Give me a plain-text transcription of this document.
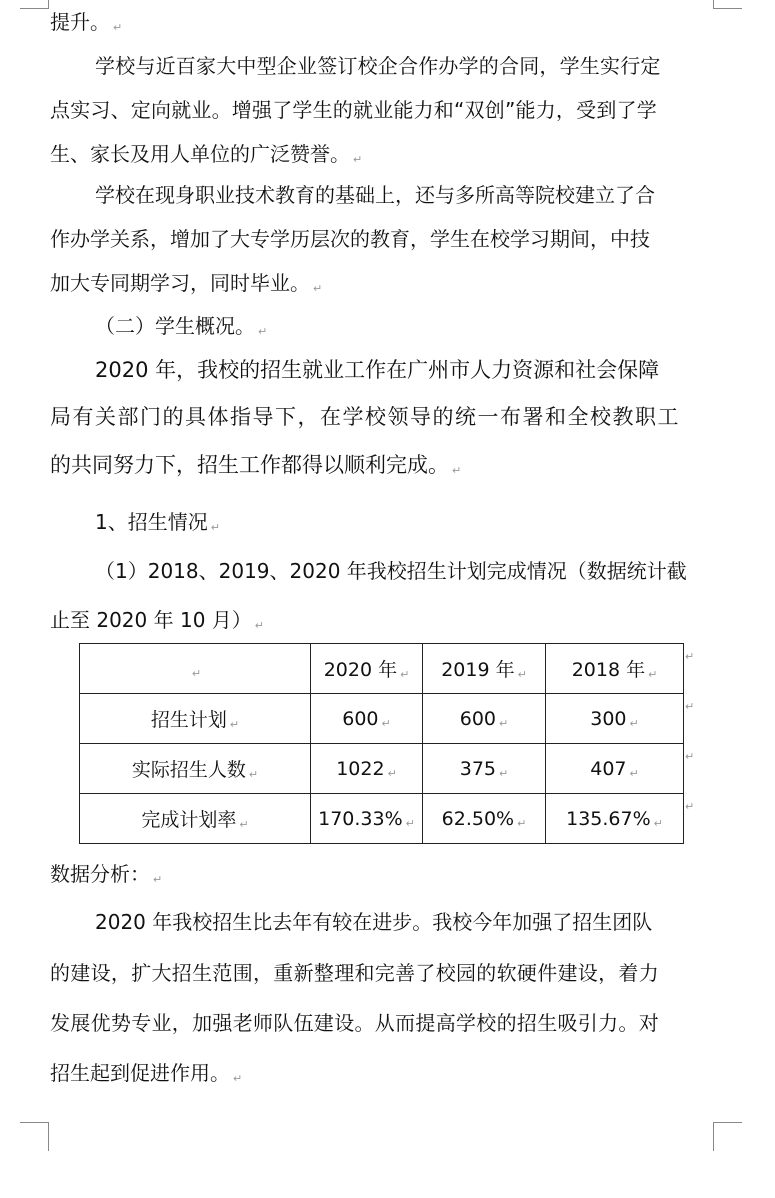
提升。 ↵
学校与近百家大中型企业签订校企合作办学的合同，学生实行定
点实习、定向就业。增强了学生的就业能力和“双创”能力，受到了学
生、家长及用人单位的广泛赞誉。 ↵
学校在现身职业技术教育的基础上，还与多所高等院校建立了合
作办学关系，增加了大专学历层次的教育，学生在校学习期间，中技
加大专同期学习，同时毕业。 ↵
（二）学生概况。 ↵
2020 年，我校的招生就业工作在广州市人力资源和社会保障
局有关部门的具体指导下，在学校领导的统一布署和全校教职工
的共同努力下，招生工作都得以顺利完成。 ↵
1、招生情况 ↵
（1）2018、2019、2020 年我校招生计划完成情况（数据统计截
止至 2020 年 10 月） ↵
↵	2020 年 ↵	2019 年 ↵	2018 年 ↵
招生计划 ↵	600 ↵	600 ↵	300 ↵
实际招生人数 ↵	1022 ↵	375 ↵	407 ↵
完成计划率 ↵	170.33% ↵	62.50% ↵	135.67% ↵
↵
↵
↵
↵
数据分析： ↵
2020 年我校招生比去年有较在进步。我校今年加强了招生团队
的建设，扩大招生范围，重新整理和完善了校园的软硬件建设，着力
发展优势专业，加强老师队伍建设。从而提高学校的招生吸引力。对
招生起到促进作用。 ↵
